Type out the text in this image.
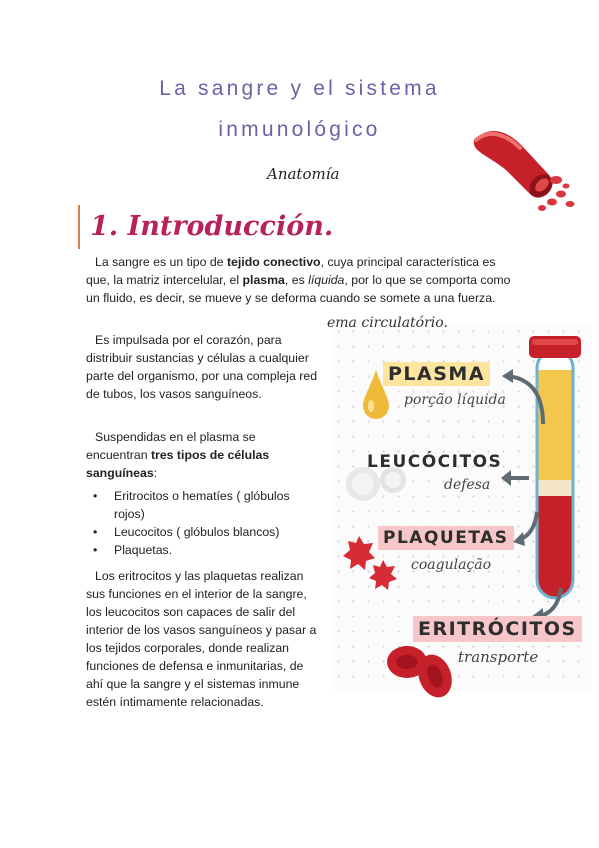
La sangre y el sistema
inmunológico
Anatomía
1. Introducción.
La sangre es un tipo de tejido conectivo, cuya principal característica es que, la matriz intercelular, el plasma, es líquida, por lo que se comporta como un fluido, es decir, se mueve y se deforma cuando se somete a una fuerza.
Es impulsada por el corazón, para distribuir sustancias y células a cualquier parte del organismo, por una compleja red de tubos, los vasos sanguíneos.
Suspendidas en el plasma se encuentran tres tipos de células sanguíneas:
• Eritrocitos o hematíes ( glóbulos rojos)
• Leucocitos ( glóbulos blancos)
• Plaquetas.
Los eritrocitos y las plaquetas realizan sus funciones en el interior de la sangre, los leucocitos son capaces de salir del interior de los vasos sanguíneos y pasar a los tejidos corporales, donde realizan funciones de defensa e inmunitarias, de ahí que la sangre y el sistemas inmune estén íntimamente relacionadas.
ema circulatório.
PLASMA
porção líquida
LEUCÓCITOS
defesa
PLAQUETAS
coagulação
ERITRÓCITOS
transporte
